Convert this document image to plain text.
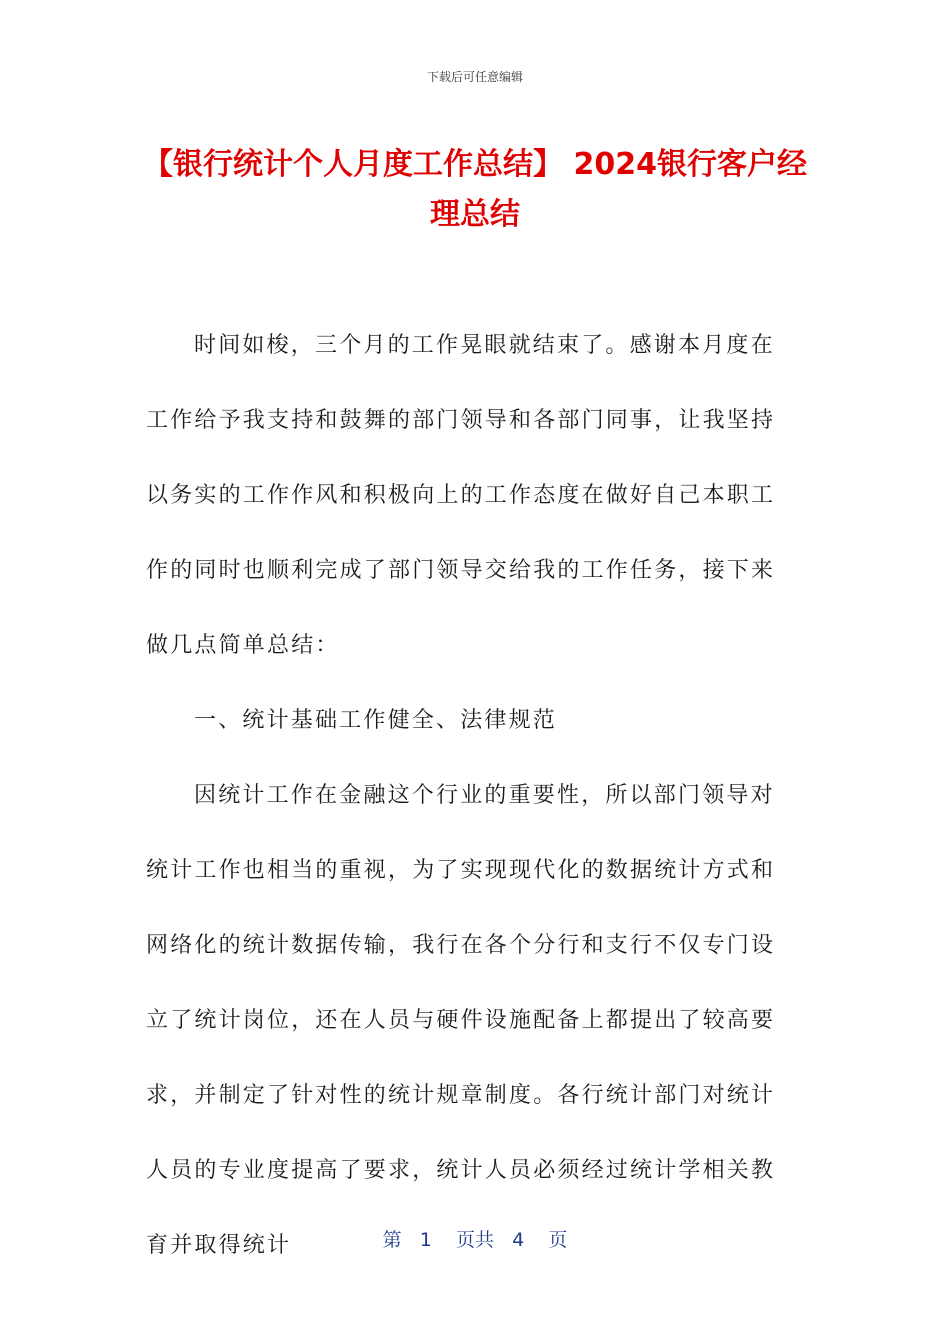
下载后可任意编辑
【银行统计个人月度工作总结】 2024银行客户经理总结

时间如梭，三个月的工作晃眼就结束了。感谢本月度在工作给予我支持和鼓舞的部门领导和各部门同事，让我坚持以务实的工作作风和积极向上的工作态度在做好自己本职工作的同时也顺利完成了部门领导交给我的工作任务，接下来做几点简单总结：

一、统计基础工作健全、法律规范

因统计工作在金融这个行业的重要性，所以部门领导对统计工作也相当的重视，为了实现现代化的数据统计方式和网络化的统计数据传输，我行在各个分行和支行不仅专门设立了统计岗位，还在人员与硬件设施配备上都提出了较高要求，并制定了针对性的统计规章制度。各行统计部门对统计人员的专业度提高了要求，统计人员必须经过统计学相关教育并取得统计	第 1 页共 4 页
